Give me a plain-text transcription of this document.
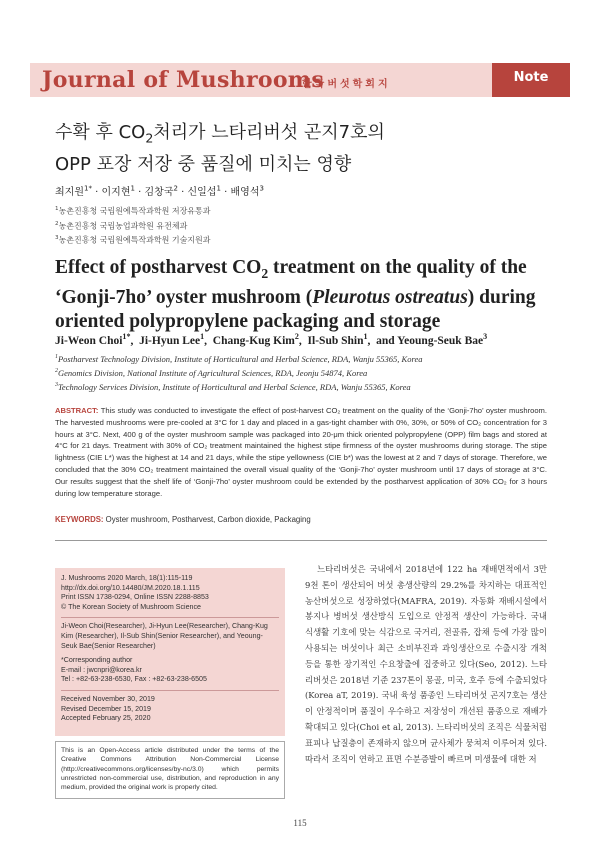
Journal of Mushrooms
한국버섯학회지	Note
수확 후 $CO_2$처리가 느타리버섯 곤지7호의
OPP 포장 저장 중 품질에 미치는 영향
최지원$^{1*}$ · 이지현$^1$ · 김창국$^2$ · 신일섭$^1$ · 배영석$^3$
$^1$농촌진흥청 국립원예특작과학원 저장유통과
$^2$농촌진흥청 국립농업과학원 유전체과
$^3$농촌진흥청 국립원예특작과학원 기술지원과
Effect of postharvest $CO_2$ treatment on the quality of the
‘Gonji-7ho’ oyster mushroom (Pleurotus ostreatus) during
oriented polypropylene packaging and storage
Ji-Weon Choi$^{1*}$,  Ji-Hyun Lee$^1$,  Chang-Kug Kim$^2$,  Il-Sub Shin$^1$,  and Yeoung-Seuk Bae$^3$
$^1$Postharvest Technology Division, Institute of Horticultural and Herbal Science, RDA, Wanju 55365, Korea
$^2$Genomics Division, National Institute of Agricultural Sciences, RDA, Jeonju 54874, Korea
$^3$Technology Services Division, Institute of Horticultural and Herbal Science, RDA, Wanju 55365, Korea
ABSTRACT: This study was conducted to investigate the effect of post-harvest CO₂ treatment on the quality of the ‘Gonji-7ho’ oyster mushroom. The harvested mushrooms were pre-cooled at 3°C for 1 day and placed in a gas-tight chamber with 0%, 30%, or 50% of CO₂ concentration for 3 hours at 3°C. Next, 400 g of the oyster mushroom sample was packaged into 20-μm thick oriented polypropylene (OPP) film bags and stored at 4°C for 21 days. Treatment with 30% of CO₂ treatment maintained the highest stipe firmness of the oyster mushrooms during storage. The stipe lightness (CIE L*) was the highest at 14 and 21 days, while the stipe yellowness (CIE b*) was the lowest at 2 and 7 days of storage. Therefore, we concluded that the 30% CO₂ treatment maintained the overall visual quality of the ‘Gonji-7ho’ oyster mushroom until 17 days of storage at 3°C. Our results suggest that the shelf life of ‘Gonji-7ho’ oyster mushroom could be extended by the postharvest application of 30% CO₂ for 3 hours during low temperature storage.
KEYWORDS: Oyster mushroom, Postharvest, Carbon dioxide, Packaging
J. Mushrooms 2020 March, 18(1):115-119
http://dx.doi.org/10.14480/JM.2020.18.1.115
Print ISSN 1738-0294, Online ISSN 2288-8853
© The Korean Society of Mushroom Science
Ji-Weon Choi(Researcher), Ji-Hyun Lee(Researcher), Chang-Kug Kim (Researcher), Il-Sub Shin(Senior Researcher), and Yeoung-Seuk Bae(Senior Researcher)
*Corresponding author
E-mail : jwcnpri@korea.kr
Tel : +82-63-238-6530, Fax : +82-63-238-6505
Received November 30, 2019
Revised December 15, 2019
Accepted February 25, 2020
This is an Open-Access article distributed under the terms of the Creative Commons Attribution Non-Commercial License (http://creativecommons.org/licenses/by-nc/3.0) which permits unrestricted non-commercial use, distribution, and reproduction in any medium, provided the original work is properly cited.
느타리버섯은 국내에서 2018년에 122 ha 재배면적에서 3만 9천 톤이 생산되어 버섯 총생산량의 29.2%를 차지하는 대표적인 농산버섯으로 성장하였다(MAFRA, 2019). 자동화 재배시설에서 봉지나 병버섯 생산방식 도입으로 안정적 생산이 가능하다. 국내 식생활 기호에 맞는 식감으로 국거리, 전골류, 잡채 등에 가장 많이 사용되는 버섯이나 최근 소비부진과 과잉생산으로 수출시장 개척 등을 통한 장기적인 수요창출에 집중하고 있다(Seo, 2012). 느타리버섯은 2018년 기준 237톤이 몽골, 미국, 호주 등에 수출되었다(Korea aT, 2019). 국내 육성 품종인 느타리버섯 곤지7호는 생산이 안정적이며 품질이 우수하고 저장성이 개선된 품종으로 재배가 확대되고 있다(Choi et al, 2013). 느타리버섯의 조직은 식물처럼 표피나 납질층이 존재하지 않으며 균사체가 뭉쳐져 이루어져 있다. 따라서 조직이 연하고 표면 수분증발이 빠르며 미생물에 대한 저
115
